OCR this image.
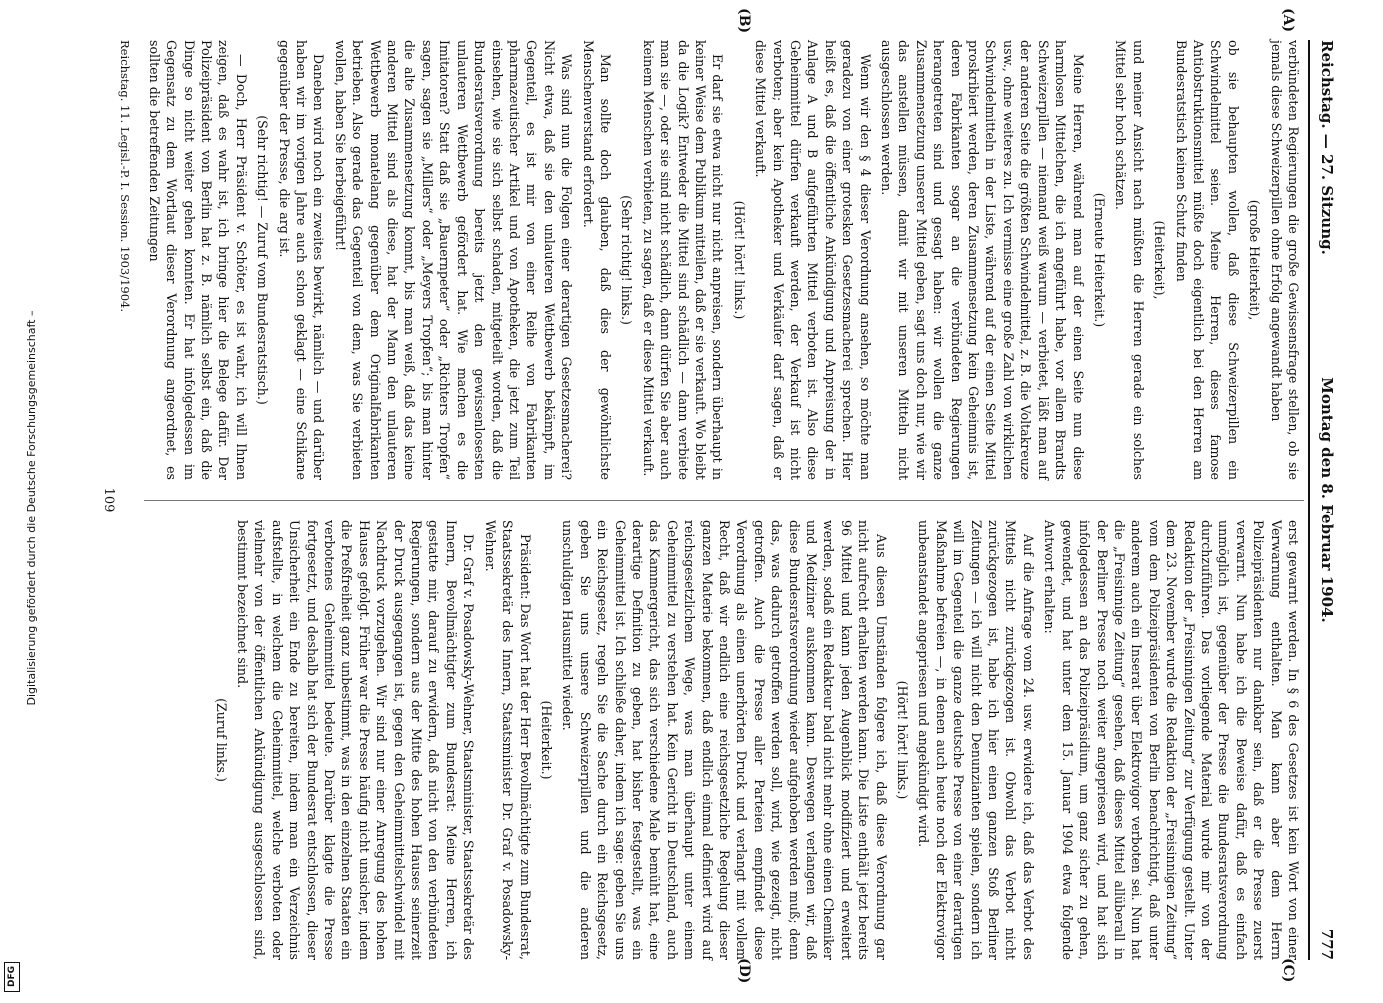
Digitalisierung gefördert durch die Deutsche Forschungsgemeinschaft –
DFG
Reichstag. — 27. Sitzung.
Montag den 8. Februar 1904.
777
(A)
(B)
(C)
(D)

verbündeten Regierungen die große Gewissensfrage stellen, ob sie jemals diese Schweizerpillen ohne Erfolg angewandt haben

(große Heiterkeit),

ob sie behaupten wollen, daß diese Schweizerpillen ein Schwindelmittel seien. Meine Herren, dieses famose Antiobstruktionsmittel müßte doch eigentlich bei den Herren am Bundesratstisch keinen Schutz finden

(Heiterkeit),

und meiner Ansicht nach müßten die Herren gerade ein solches Mittel sehr hoch schätzen.

(Erneute Heiterkeit.)

Meine Herren, während man auf der einen Seite nun diese harmlosen Mittelchen, die ich angeführt habe, vor allem Brandts Schweizerpillen — niemand weiß warum — verbietet, läßt man auf der anderen Seite die größten Schwindelmittel, z. B. die Voltakreuze usw., ohne weiteres zu. Ich vermisse eine große Zahl von wirklichen Schwindelmitteln in der Liste, während auf der einen Seite Mittel proskribiert werden, deren Zusammensetzung kein Geheimnis ist, deren Fabrikanten sogar an die verbündeten Regierungen herangetreten sind und gesagt haben: wir wollen die ganze Zusammensetzung unserer Mittel geben, sagt uns doch nur, wie wir das anstellen müssen, damit wir mit unseren Mitteln nicht ausgeschlossen werden.

Wenn wir den § 4 dieser Verordnung ansehen, so möchte man geradezu von einer grotesken Gesetzesmacherei sprechen. Hier heißt es, daß die öffentliche Ankündigung und Anpreisung der in Anlage A und B aufgeführten Mittel verboten ist. Also diese Geheimmittel dürfen verkauft werden, der Verkauf ist nicht verboten; aber kein Apotheker und Verkäufer darf sagen, daß er diese Mittel verkauft.

(Hört! hört! links.)

Er darf sie etwa nicht nur nicht anpreisen, sondern überhaupt in keiner Weise dem Publikum mitteilen, daß er sie verkauft. Wo bleibt da die Logik? Entweder die Mittel sind schädlich — dann verbiete man sie —, oder sie sind nicht schädlich, dann dürfen Sie aber auch keinem Menschen verbieten, zu sagen, daß er diese Mittel verkauft.

(Sehr richtig! links.)

Man sollte doch glauben, daß dies der gewöhnlichste Menschenverstand erfordert.

Was sind nun die Folgen einer derartigen Gesetzesmacherei? Nicht etwa, daß sie den unlauteren Wettbewerb bekämpft, im Gegenteil, es ist mir von einer Reihe von Fabrikanten pharmazeutischer Artikel und von Apotheken, die jetzt zum Teil einsehen, wie sie sich selbst schaden, mitgeteilt worden, daß die Bundesratsverordnung bereits jetzt den gewissenlosesten unlauteren Wettbewerb gefördert hat. Wie machen es die Imitatoren? Statt daß sie „Bauernpeter“ oder „Richters Tropfen“ sagen, sagen sie „Millers“ oder „Meyers Tropfen“; bis man hinter die alte Zusammensetzung kommt, bis man weiß, daß das keine anderen Mittel sind als diese, hat der Mann den unlauteren Wettbewerb monatelang gegenüber dem Originalfabrikanten betrieben. Also gerade das Gegenteil von dem, was Sie verbieten wollen, haben Sie herbeigeführt!

Daneben wird noch ein zweites bewirkt, nämlich — und darüber haben wir im vorigen Jahre auch schon geklagt — eine Schikane gegenüber der Presse, die arg ist.

(Sehr richtig! — Zuruf vom Bundesratstisch.)

— Doch, Herr Präsident v. Schöter, es ist wahr, ich will Ihnen zeigen, daß es wahr ist, ich bringe hier die Belege dafür. Der Polizeipräsident von Berlin hat z. B. nämlich selbst ein, daß die Dinge so nicht weiter gehen konnten. Er hat infolgedessen im Gegensatz zu dem Wortlaut dieser Verordnung angeordnet, es sollten die betreffenden Zeitungen

erst gewarnt werden. In § 6 des Gesetzes ist kein Wort von einer Verwarnung enthalten. Man kann aber dem Herrn Polizeipräsidenten nur dankbar sein, daß er die Presse zuerst verwarnt. Nun habe ich die Beweise dafür, daß es einfach unmöglich ist, gegenüber der Presse die Bundesratsverordnung durchzuführen. Das vorliegende Material wurde mir von der Redaktion der „Freisinnigen Zeitung“ zur Verfügung gestellt. Unter dem 23. November wurde die Redaktion der „Freisinnigen Zeitung“ vom dem Polizeipräsidenten von Berlin benachrichtigt, daß unter anderem auch ein Inserat über Elektrovigor verboten sei. Nun hat die „Freisinnige Zeitung“ gesehen, daß dieses Mittel allüberall in der Berliner Presse noch weiter angepriesen wird, und hat sich infolgedessen an das Polizeipräsidium, um ganz sicher zu gehen, gewendet, und hat unter dem 15. Januar 1904 etwa folgende Antwort erhalten:

Auf die Anfrage vom 24. usw. erwidere ich, daß das Verbot des Mittels nicht zurückgezogen ist. Obwohl das Verbot nicht zurückgezogen ist, habe ich hier einen ganzen Stoß Berliner Zeitungen — ich will nicht den Denunzianten spielen, sondern ich will im Gegenteil die ganze deutsche Presse von einer derartigen Maßnahme befreien —, in denen auch heute noch der Elektrovigor unbeanstandet angepriesen und angekündigt wird.

(Hört! hört! links.)

Aus diesen Umständen folgere ich, daß diese Verordnung gar nicht aufrecht erhalten werden kann. Die Liste enthält jetzt bereits 96 Mittel und kann jeden Augenblick modifiziert und erweitert werden, sodaß ein Redakteur bald nicht mehr ohne einen Chemiker und Mediziner auskommen kann. Deswegen verlangen wir, daß diese Bundesratsverordnung wieder aufgehoben werden muß; denn das, was dadurch getroffen werden soll, wird, wie gezeigt, nicht getroffen. Auch die Presse aller Parteien empfindet diese Verordnung als einen unerhörten Druck und verlangt mit vollem Recht, daß wir endlich eine reichsgesetzliche Regelung dieser ganzen Materie bekommen, daß endlich einmal definiert wird auf reichsgesetzlichem Wege, was man überhaupt unter einem Geheimmittel zu verstehen hat. Kein Gericht in Deutschland, auch das Kammergericht, das sich verschiedene Male bemüht hat, eine derartige Definition zu geben, hat bisher festgestellt, was ein Geheimmittel ist. Ich schließe daher, indem ich sage: geben Sie uns ein Reichsgesetz, regeln Sie die Sache durch ein Reichsgesetz, geben Sie uns unsere Schweizerpillen und die anderen unschuldigen Hausmittel wieder.

(Heiterkeit.)

Präsident: Das Wort hat der Herr Bevollmächtigte zum Bundesrat, Staatssekretär des Innern, Staatsminister Dr. Graf v. Posadowsky-Wehner.

Dr. Graf v. Posadowsky-Wehner, Staatsminister, Staatssekretär des Innern, Bevollmächtigter zum Bundesrat: Meine Herren, ich gestatte mir, darauf zu erwidern, daß nicht von den verbündeten Regierungen, sondern aus der Mitte des hohen Hauses seinerzeit der Druck ausgegangen ist, gegen den Geheimmittelschwindel mit Nachdruck vorzugehen. Wir sind nur einer Anregung des hohen Hauses gefolgt. Früher war die Presse häufig nicht unsicher, indem die Preßfreiheit ganz unbestimmt, was in den einzelnen Staaten ein verbotenes Geheimmittel bedeute. Darüber klagte die Presse fortgesetzt, und deshalb hat sich der Bundesrat entschlossen, dieser Unsicherheit ein Ende zu bereiten, indem man ein Verzeichnis aufstellte, in welchem die Geheimmittel, welche verboten oder vielmehr von der öffentlichen Ankündigung ausgeschlossen sind, bestimmt bezeichnet sind.

(Zuruf links.)

Reichstag. 11. Legisl.-P. I. Session. 1903/1904.
109
